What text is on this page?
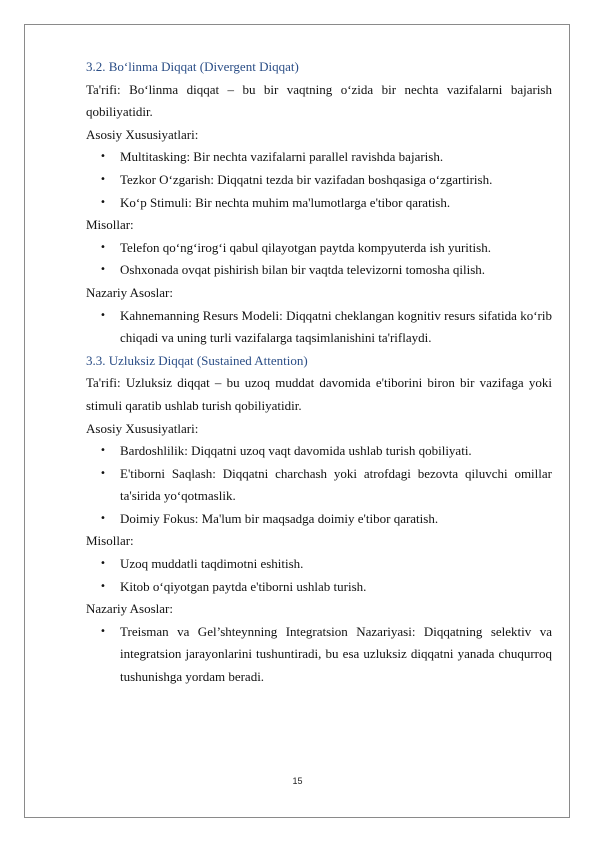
3.2. Bo‘linma Diqqat (Divergent Diqqat)

Ta'rifi: Bo‘linma diqqat – bu bir vaqtning o‘zida bir nechta vazifalarni bajarish qobiliyatidir.

Asosiy Xususiyatlari:

• Multitasking: Bir nechta vazifalarni parallel ravishda bajarish.
• Tezkor O‘zgarish: Diqqatni tezda bir vazifadan boshqasiga o‘zgartirish.
• Ko‘p Stimuli: Bir nechta muhim ma'lumotlarga e'tibor qaratish.

Misollar:

• Telefon qo‘ng‘irog‘i qabul qilayotgan paytda kompyuterda ish yuritish.
• Oshxonada ovqat pishirish bilan bir vaqtda televizorni tomosha qilish.

Nazariy Asoslar:

• Kahnemanning Resurs Modeli: Diqqatni cheklangan kognitiv resurs sifatida ko‘rib chiqadi va uning turli vazifalarga taqsimlanishini ta'riflaydi.

3.3. Uzluksiz Diqqat (Sustained Attention)

Ta'rifi: Uzluksiz diqqat – bu uzoq muddat davomida e'tiborini biron bir vazifaga yoki stimuli qaratib ushlab turish qobiliyatidir.

Asosiy Xususiyatlari:

• Bardoshlilik: Diqqatni uzoq vaqt davomida ushlab turish qobiliyati.
• E'tiborni Saqlash: Diqqatni charchash yoki atrofdagi bezovta qiluvchi omillar ta'sirida yo‘qotmaslik.
• Doimiy Fokus: Ma'lum bir maqsadga doimiy e'tibor qaratish.

Misollar:

• Uzoq muddatli taqdimotni eshitish.
• Kitob o‘qiyotgan paytda e'tiborni ushlab turish.

Nazariy Asoslar:

• Treisman va Gel’shteynning Integratsion Nazariyasi: Diqqatning selektiv va integratsion jarayonlarini tushuntiradi, bu esa uzluksiz diqqatni yanada chuqurroq tushunishga yordam beradi.
15
